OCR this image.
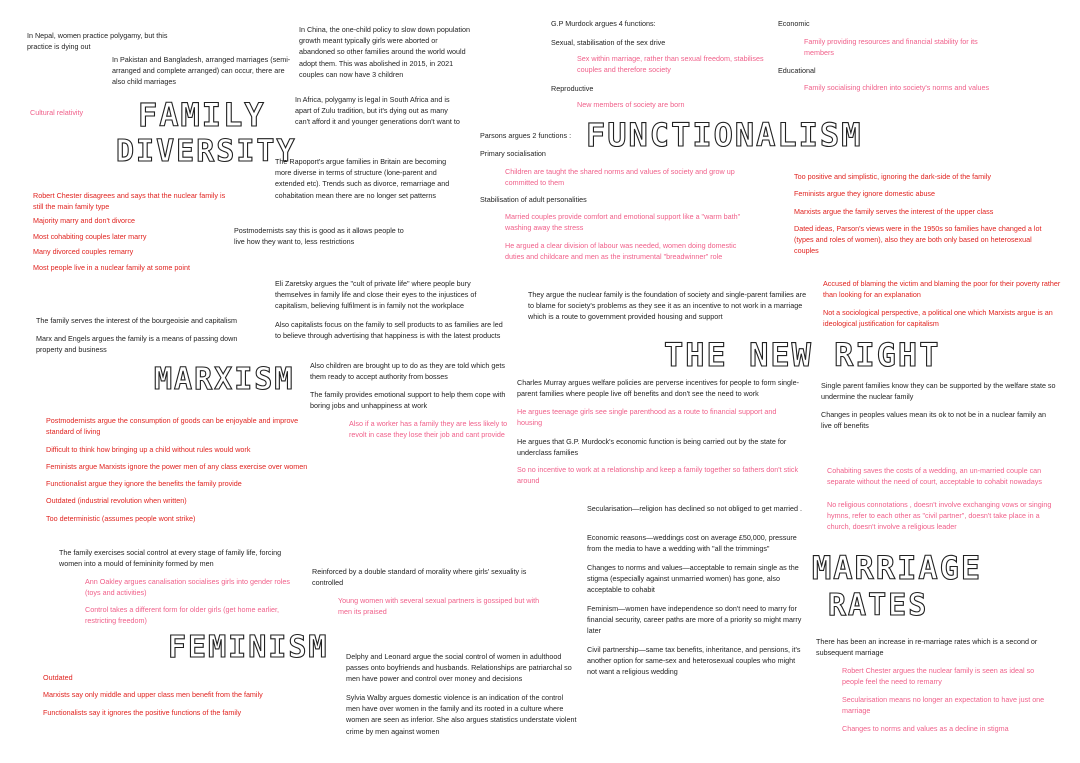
FAMILY
DIVERSITY	FUNCTIONALISM
MARXISM
THE NEW RIGHT
MARRIAGE
RATES
FEMINISM
In Nepal, women practice polygamy, but this practice is dying out
In Pakistan and Bangladesh, arranged marriages (semi-arranged and complete arranged) can occur, there are also child marriages
In China, the one-child policy to slow down population growth meant typically girls were aborted or abandoned so other families around the world would adopt them. This was abolished in 2015, in 2021 couples can now have 3 children
In Africa, polygamy is legal in South Africa and is apart of Zulu tradition, but it's dying out as many can't afford it and younger generations don't want to
Cultural relativity
The Rapoport's argue families in Britain are becoming more diverse in terms of structure (lone-parent and extended etc). Trends such as divorce, remarriage and cohabitation mean there are no longer set patterns
Robert Chester disagrees and says that the nuclear family is still the main family type
Majority marry and don't divorce
Most cohabiting couples later marry
Many divorced couples remarry
Most people live in a nuclear family at some point
Postmodernists say this is good as it allows people to live how they want to, less restrictions
G.P Murdock argues 4 functions:
Sexual, stabilisation of the sex drive
Sex within marriage, rather than sexual freedom, stabilises couples and therefore society
Reproductive
New members of society are born
Economic
Family providing resources and financial stability for its members
Educational
Family socialising children into society's norms and values
Parsons argues 2 functions :
Primary socialisation
Children are taught the shared norms and values of society and grow up committed to them
Stabilisation of adult personalities
Married couples provide comfort and emotional support like a "warm bath" washing away the stress
He argued a clear division of labour was needed, women doing domestic duties and childcare and men as the instrumental "breadwinner" role
Too positive and simplistic, ignoring the dark-side of the family
Feminists argue they ignore domestic abuse
Marxists argue the family serves the interest of the upper class
Dated ideas, Parson's views were in the 1950s so families have changed a lot (types and roles of women), also they are both only based on heterosexual couples
Eli Zaretsky argues the "cult of private life" where people bury themselves in family life and close their eyes to the injustices of capitalism, believing fulfilment is in family not the workplace
Also capitalists focus on the family to sell products to as families are led to believe through advertising that happiness is with the latest products
The family serves the interest of the bourgeoisie and capitalism
Marx and Engels argues the family is a means of passing down property and business
Also children are brought up to do as they are told which gets them ready to accept authority from bosses
The family provides emotional support to help them cope with boring jobs and unhappiness at work
Also if a worker has a family they are less likely to revolt in case they lose their job and cant provide
Postmodernists argue the consumption of goods can be enjoyable and improve standard of living
Difficult to think how bringing up a child without rules would work
Feminists argue Marxists ignore the power men of any class exercise over women
Functionalist argue they ignore the benefits the family provide
Outdated (industrial revolution when written)
Too deterministic (assumes people wont strike)
They argue the nuclear family is the foundation of society and single-parent families are to blame for society's problems as they see it as an incentive to not work in a marriage which is a route to government provided housing and support
Charles Murray argues welfare policies are perverse incentives for people to form single-parent families where people live off benefits and don't see the need to work
He argues teenage girls see single parenthood as a route to financial support and housing
He argues that G.P. Murdock's economic function is being carried out by the state for underclass families
So no incentive to work at a relationship and keep a family together so fathers don't stick around
Accused of blaming the victim and blaming the poor for their poverty rather than looking for an explanation
Not a sociological perspective, a political one which Marxists argue is an ideological justification for capitalism
Single parent families know they can be supported by the welfare state so undermine the nuclear family
Changes in peoples values mean its ok to not be in a nuclear family an live off benefits
Cohabiting saves the costs of a wedding, an un-married couple can separate without the need of court, acceptable to cohabit nowadays
No religious connotations , doesn't involve exchanging vows or singing hymns, refer to each other as "civil partner", doesn't take place in a church, doesn't involve a religious leader
Secularisation—religion has declined so not obliged to get married .
Economic reasons—weddings cost on average £50,000, pressure from the media to have a wedding with "all the trimmings"
Changes to norms and values—acceptable to remain single as the stigma (especially against unmarried women) has gone, also acceptable to cohabit
Feminism—women have independence so don't need to marry for financial security, career paths are more of a priority so might marry later
Civil partnership—same tax benefits, inheritance, and pensions, it's another option for same-sex and heterosexual couples who might not want a religious wedding
There has been an increase in re-marriage rates which is a second or subsequent marriage
Robert Chester argues the nuclear family is seen as ideal so people feel the need to remarry
Secularisation means no longer an expectation to have just one marriage
Changes to norms and values as a decline in stigma
The family exercises social control at every stage of family life, forcing women into a mould of femininity formed by men
Ann Oakley argues canalisation socialises girls into gender roles (toys and activities)
Control takes a different form for older girls (get home earlier, restricting freedom)
Reinforced by a double standard of morality where girls' sexuality is controlled
Young women with several sexual partners is gossiped but with men its praised
Delphy and Leonard argue the social control of women in adulthood passes onto boyfriends and husbands. Relationships are patriarchal so men have power and control over money and decisions
Sylvia Walby argues domestic violence is an indication of the control men have over women in the family and its rooted in a culture where women are seen as inferior. She also argues statistics understate violent crime by men against women
Outdated
Marxists say only middle and upper class men benefit from the family
Functionalists say it ignores the positive functions of the family
